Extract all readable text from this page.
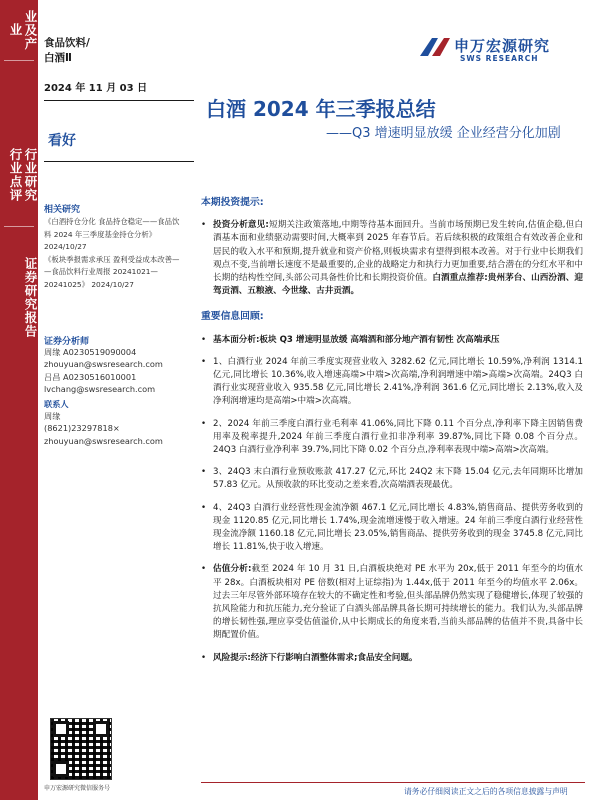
业及产业
行业研究
行业点评
证券研究报告
食品饮料/
白酒Ⅱ
2024 年 11 月 03 日
看好
相关研究
《白酒持仓分化 食品持仓稳定——食品饮
料 2024 年三季度基金持仓分析》
2024/10/27
《板块季报需求承压 盈利受益成本改善—
—食品饮料行业周报 20241021—
20241025》 2024/10/27
证券分析师
周缘 A0230519090004
zhouyuan@swsresearch.com
吕昌 A0230516010001
lvchang@swsresearch.com
联系人
周缘
(8621)23297818×
zhouyuan@swsresearch.com
申万宏源研究微信服务号
申万宏源研究
SWS RESEARCH
白酒 2024 年三季报总结
——Q3 增速明显放缓 企业经营分化加剧
本期投资提示:
• 投资分析意见:短期关注政策落地,中期等待基本面回升。当前市场预期已发生转向,估值企稳,但白酒基本面和业绩驱动需要时间,大概率到 2025 年春节后。若后续积极的政策组合有效改善企业和居民的收入水平和预期,提升就业和资产价格,则板块需求有望得到根本改善。对于行业中长期我们观点不变,当前增长速度不是最重要的,企业的战略定力和执行力更加重要,结合潜在的分红水平和中长期的结构性空间,头部公司具备性价比和长期投资价值。白酒重点推荐:贵州茅台、山西汾酒、迎驾贡酒、五粮液、今世缘、古井贡酒。
重要信息回顾:
• 基本面分析:板块 Q3 增速明显放缓 高端酒和部分地产酒有韧性 次高端承压
• 1、白酒行业 2024 年前三季度实现营业收入 3282.62 亿元,同比增长 10.59%,净利润 1314.1 亿元,同比增长 10.36%,收入增速高端>中端>次高端,净利润增速中端>高端>次高端。24Q3 白酒行业实现营业收入 935.58 亿元,同比增长 2.41%,净利润 361.6 亿元,同比增长 2.13%,收入及净利润增速均是高端>中端>次高端。
• 2、2024 年前三季度白酒行业毛利率 41.06%,同比下降 0.11 个百分点,净利率下降主因销售费用率及税率提升,2024 年前三季度白酒行业扣非净利率 39.87%,同比下降 0.08 个百分点。24Q3 白酒行业净利率 39.7%,同比下降 0.02 个百分点,净利率表现中端>高端>次高端。
• 3、24Q3 末白酒行业预收账款 417.27 亿元,环比 24Q2 末下降 15.04 亿元,去年同期环比增加 57.83 亿元。从预收款的环比变动之差来看,次高端酒表现最优。
• 4、24Q3 白酒行业经营性现金流净额 467.1 亿元,同比增长 4.83%,销售商品、提供劳务收到的现金 1120.85 亿元,同比增长 1.74%,现金流增速慢于收入增速。24 年前三季度白酒行业经营性现金流净额 1160.18 亿元,同比增长 23.05%,销售商品、提供劳务收到的现金 3745.8 亿元,同比增长 11.81%,快于收入增速。
• 估值分析:截至 2024 年 10 月 31 日,白酒板块绝对 PE 水平为 20x,低于 2011 年至今的均值水平 28x。白酒板块相对 PE 倍数(相对上证综指)为 1.44x,低于 2011 年至今的均值水平 2.06x。过去三年尽管外部环境存在较大的不确定性和考验,但头部品牌仍然实现了稳健增长,体现了较强的抗风险能力和抗压能力,充分验证了白酒头部品牌具备长期可持续增长的能力。我们认为,头部品牌的增长韧性强,理应享受估值溢价,从中长期成长的角度来看,当前头部品牌的估值并不贵,具备中长期配置价值。
• 风险提示:经济下行影响白酒整体需求;食品安全问题。
请务必仔细阅读正文之后的各项信息披露与声明
